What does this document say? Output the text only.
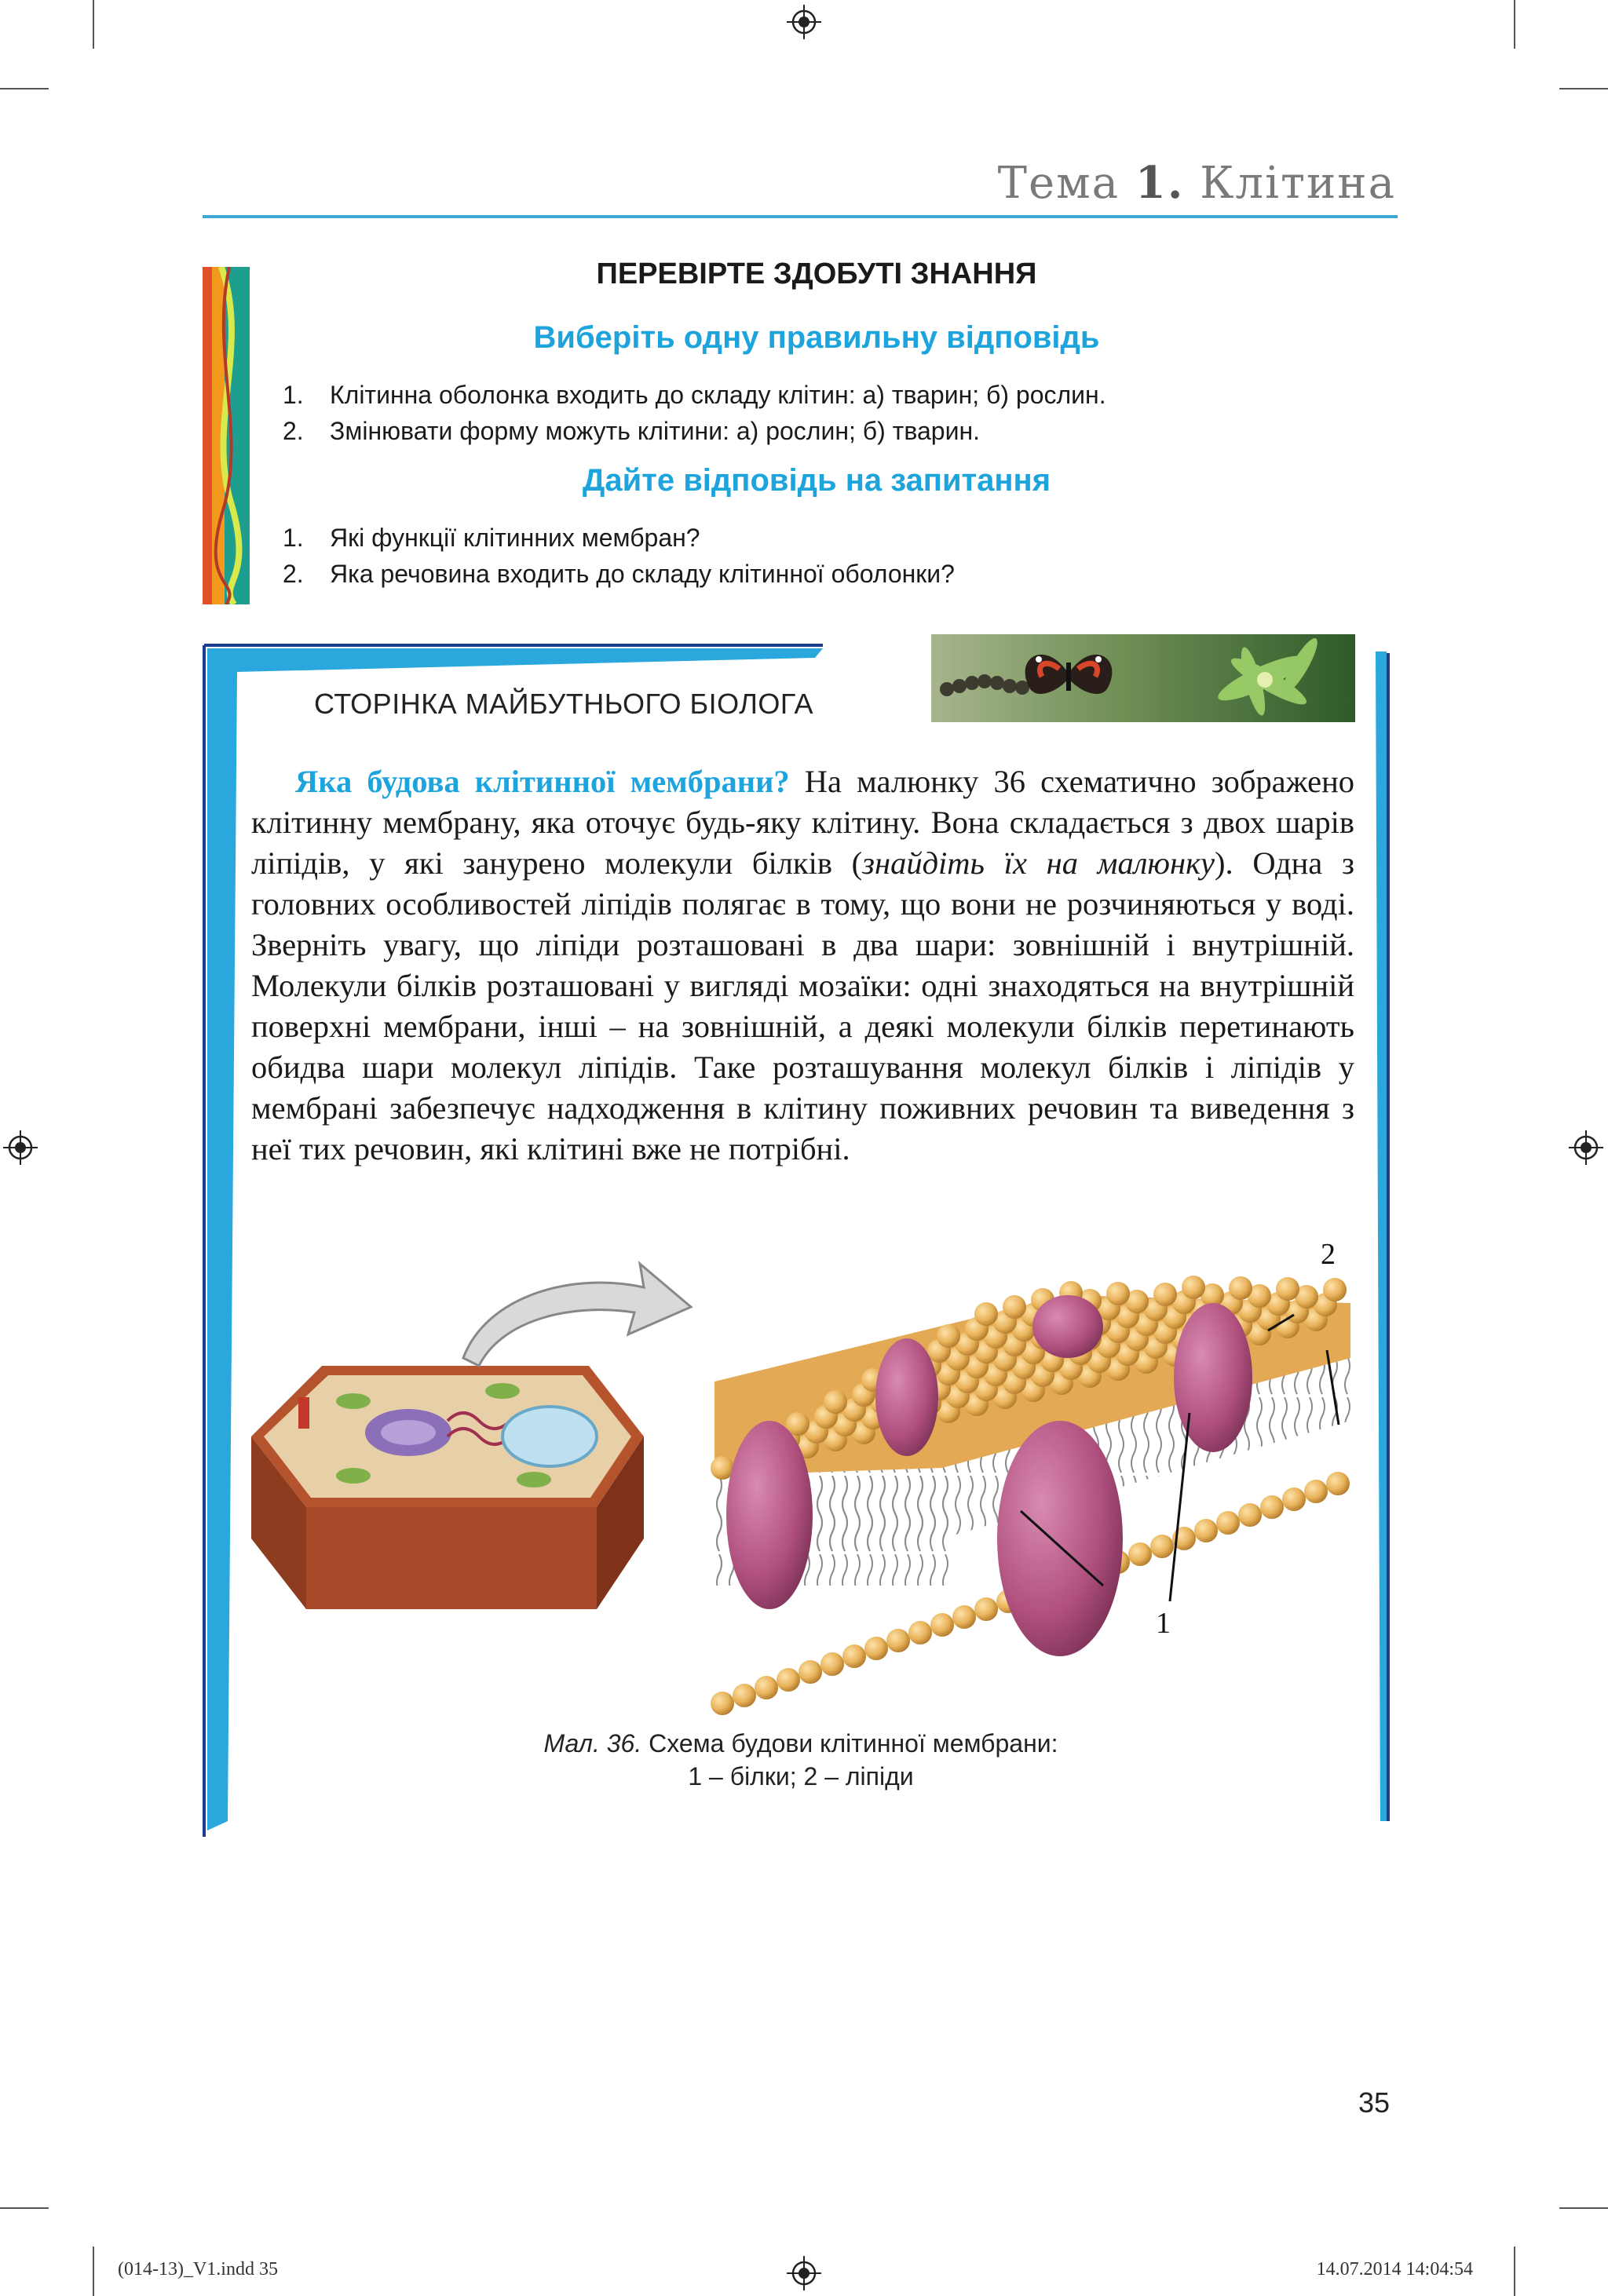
Тема 1. Клітина
ПЕРЕВІРТЕ ЗДОБУТІ ЗНАННЯ
Виберіть одну правильну відповідь
1.	Клітинна оболонка входить до складу клітин: а) тварин; б) рослин.
2.	Змінювати форму можуть клітини: а) рослин; б) тварин.
Дайте відповідь на запитання
1.	Які функції клітинних мембран?
2.	Яка речовина входить до складу клітинної оболонки?
СТОРІНКА МАЙБУТНЬОГО БІОЛОГА
Яка будова клітинної мембрани? На малюнку 36 схематично зображено клітинну мембрану, яка оточує будь-яку клітину. Вона складається з двох шарів ліпідів, у які занурено молекули білків (знайдіть їх на малюнку). Одна з головних особливостей ліпідів полягає в тому, що вони не розчиняються у воді. Зверніть увагу, що ліпіди розташовані в два шари: зовнішній і внутрішній. Молекули білків розташовані у вигляді мозаїки: одні знаходяться на внутрішній поверхні мембрани, інші – на зовнішній, а деякі молекули білків перетинають обидва шари молекул ліпідів. Таке розташування молекул білків і ліпідів у мембрані забезпечує надходження в клітину поживних речовин та виведення з неї тих речовин, які клітині вже не потрібні.
1
2
Мал. 36. Схема будови клітинної мембрани:
1 – білки; 2 – ліпіди
35
(014-13)_V1.indd 35	14.07.2014 14:04:54
